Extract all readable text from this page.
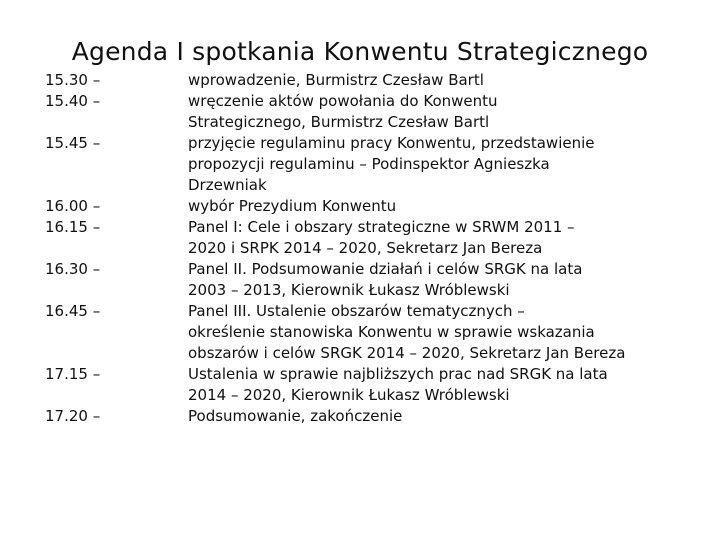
Agenda I spotkania Konwentu Strategicznego
15.30 –	wprowadzenie, Burmistrz Czesław Bartl
15.40 –	wręczenie aktów powołania do Konwentu
Strategicznego, Burmistrz Czesław Bartl
15.45 –	przyjęcie regulaminu pracy Konwentu, przedstawienie
propozycji regulaminu – Podinspektor Agnieszka
Drzewniak
16.00 –	wybór Prezydium Konwentu
16.15 –	Panel I: Cele i obszary strategiczne w SRWM 2011 –
2020 i SRPK 2014 – 2020, Sekretarz Jan Bereza
16.30 –	Panel II. Podsumowanie działań i celów SRGK na lata
2003 – 2013, Kierownik Łukasz Wróblewski
16.45 –	Panel III. Ustalenie obszarów tematycznych –
określenie stanowiska Konwentu w sprawie wskazania
obszarów i celów SRGK 2014 – 2020, Sekretarz Jan Bereza
17.15 –	Ustalenia w sprawie najbliższych prac nad SRGK na lata
2014 – 2020, Kierownik Łukasz Wróblewski
17.20 –	Podsumowanie, zakończenie
